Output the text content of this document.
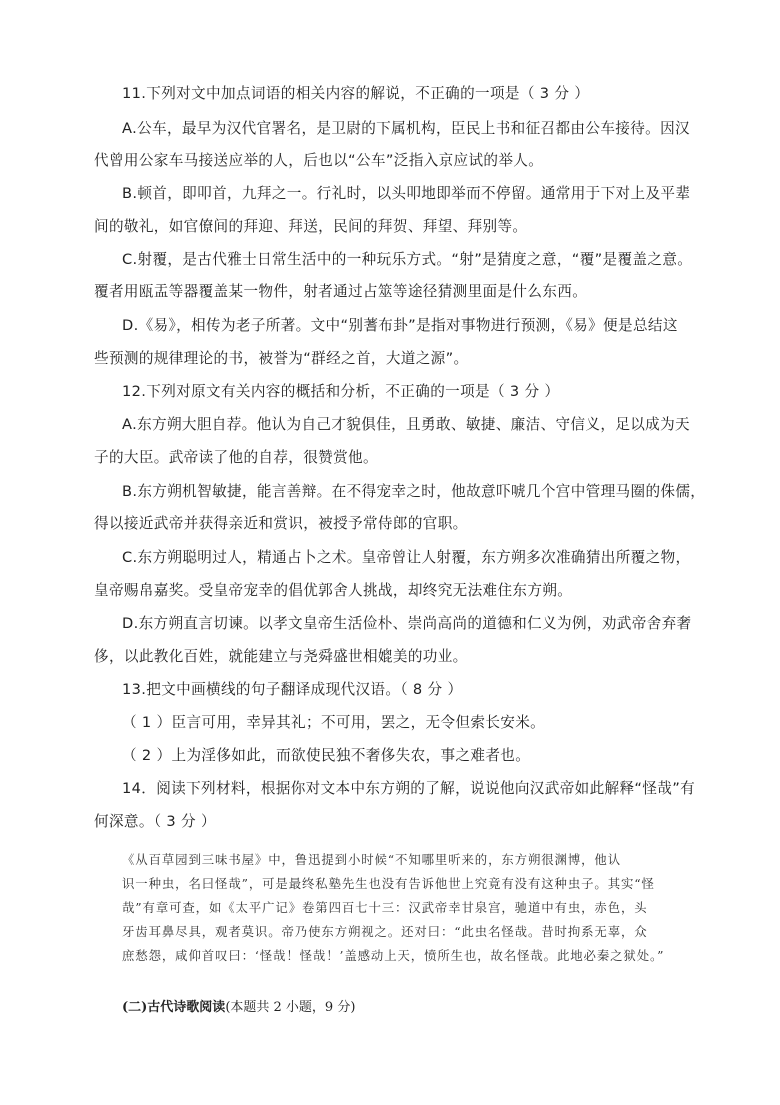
11.下列对文中加点词语的相关内容的解说，不正确的一项是（ 3 分 ）
A.公车，最早为汉代官署名，是卫尉的下属机构，臣民上书和征召都由公车接待。因汉
代曾用公家车马接送应举的人，后也以“公车”泛指入京应试的举人。
B.顿首，即叩首，九拜之一。行礼时，以头叩地即举而不停留。通常用于下对上及平辈
间的敬礼，如官僚间的拜迎、拜送，民间的拜贺、拜望、拜别等。
C.射覆，是古代雅士日常生活中的一种玩乐方式。“射”是猜度之意，“覆”是覆盖之意。
覆者用瓯盂等器覆盖某一物件，射者通过占筮等途径猜测里面是什么东西。
D.《易》，相传为老子所著。文中“别蓍布卦”是指对事物进行预测，《易》便是总结这
些预测的规律理论的书，被誉为“群经之首，大道之源”。
12.下列对原文有关内容的概括和分析，不正确的一项是（ 3 分 ）
A.东方朔大胆自荐。他认为自己才貌俱佳，且勇敢、敏捷、廉洁、守信义，足以成为天
子的大臣。武帝读了他的自荐，很赞赏他。
B.东方朔机智敏捷，能言善辩。在不得宠幸之时，他故意吓唬几个宫中管理马圈的侏儒，
得以接近武帝并获得亲近和赏识，被授予常侍郎的官职。
C.东方朔聪明过人，精通占卜之术。皇帝曾让人射覆，东方朔多次准确猜出所覆之物，
皇帝赐帛嘉奖。受皇帝宠幸的倡优郭舍人挑战，却终究无法难住东方朔。
D.东方朔直言切谏。以孝文皇帝生活俭朴、崇尚高尚的道德和仁义为例，劝武帝舍弃奢
侈，以此教化百姓，就能建立与尧舜盛世相媲美的功业。
13.把文中画横线的句子翻译成现代汉语。（ 8 分 ）
（ 1 ）臣言可用，幸异其礼；不可用，罢之，无令但索长安米。
（ 2 ）上为淫侈如此，而欲使民独不奢侈失农，事之难者也。
14．阅读下列材料，根据你对文本中东方朔的了解，说说他向汉武帝如此解释“怪哉”有
何深意。（ 3 分 ）
《从百草园到三味书屋》中，鲁迅提到小时候“不知哪里听来的，东方朔很渊博，他认
识一种虫，名曰怪哉”，可是最终私塾先生也没有告诉他世上究竟有没有这种虫子。其实“怪
哉”有章可查，如《太平广记》卷第四百七十三：汉武帝幸甘泉宫，驰道中有虫，赤色，头
牙齿耳鼻尽具，观者莫识。帝乃使东方朔视之。还对曰：“此虫名怪哉。昔时拘系无辜，众
庶愁怨，咸仰首叹曰：‘怪哉！怪哉！’盖感动上天，愤所生也，故名怪哉。此地必秦之狱处。”
(二)古代诗歌阅读(本题共 2 小题，9 分)
